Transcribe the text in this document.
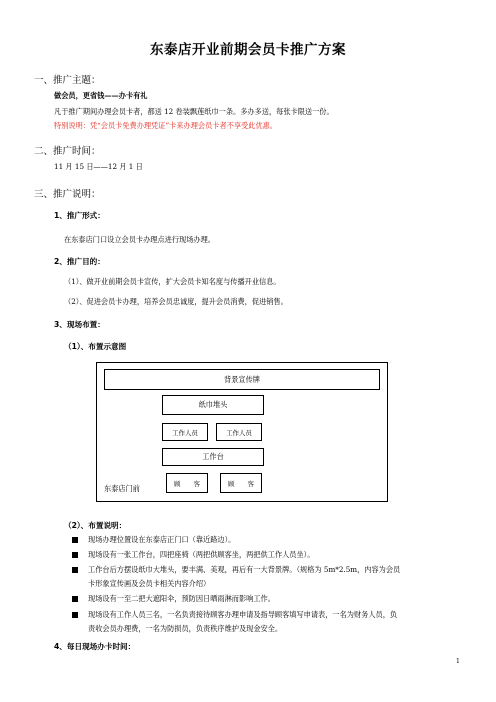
东泰店开业前期会员卡推广方案
一、推广主题：
做会员，更省钱——办卡有礼
凡于推广期间办理会员卡者，都送 12 卷装飘莲纸巾一条。多办多送，每张卡限送一份。
特别说明：凭“会员卡免费办理凭证”卡来办理会员卡者不享受此优惠。
二、推广时间：
11 月 15 日——12 月 1 日
三、推广说明：
1、推广形式：
在东泰店门口设立会员卡办理点进行现场办理。
2、推广目的：
（1）、做开业前期会员卡宣传，扩大会员卡知名度与传播开业信息。
（2）、促进会员卡办理，培养会员忠诚度，提升会员消费，促进销售。
3、现场布置：
（1）、布置示意图
背景宣传牌
纸巾堆头
工作人员	工作人员
工作台
顾　　客	顾　　客
东泰店门前
（2）、布置说明：
现场办理位置设在东泰店正门口（靠近路边）。
现场设有一张工作台，四把座椅（两把供顾客坐，两把供工作人员坐）。
工作台后方摆设纸巾大堆头，要丰满、美观，再后有一大背景牌。（规格为 5m*2.5m，内容为会员
卡形象宣传画及会员卡相关内容介绍）
现场设有一至二把大遮阳伞，预防因日晒雨淋而影响工作。
现场设有工作人员三名，一名负责接待顾客办理申请及指导顾客填写申请表，一名为财务人员，负
责收会员办理费，一名为防损员，负责秩序维护及现金安全。
4、每日现场办卡时间：
1
